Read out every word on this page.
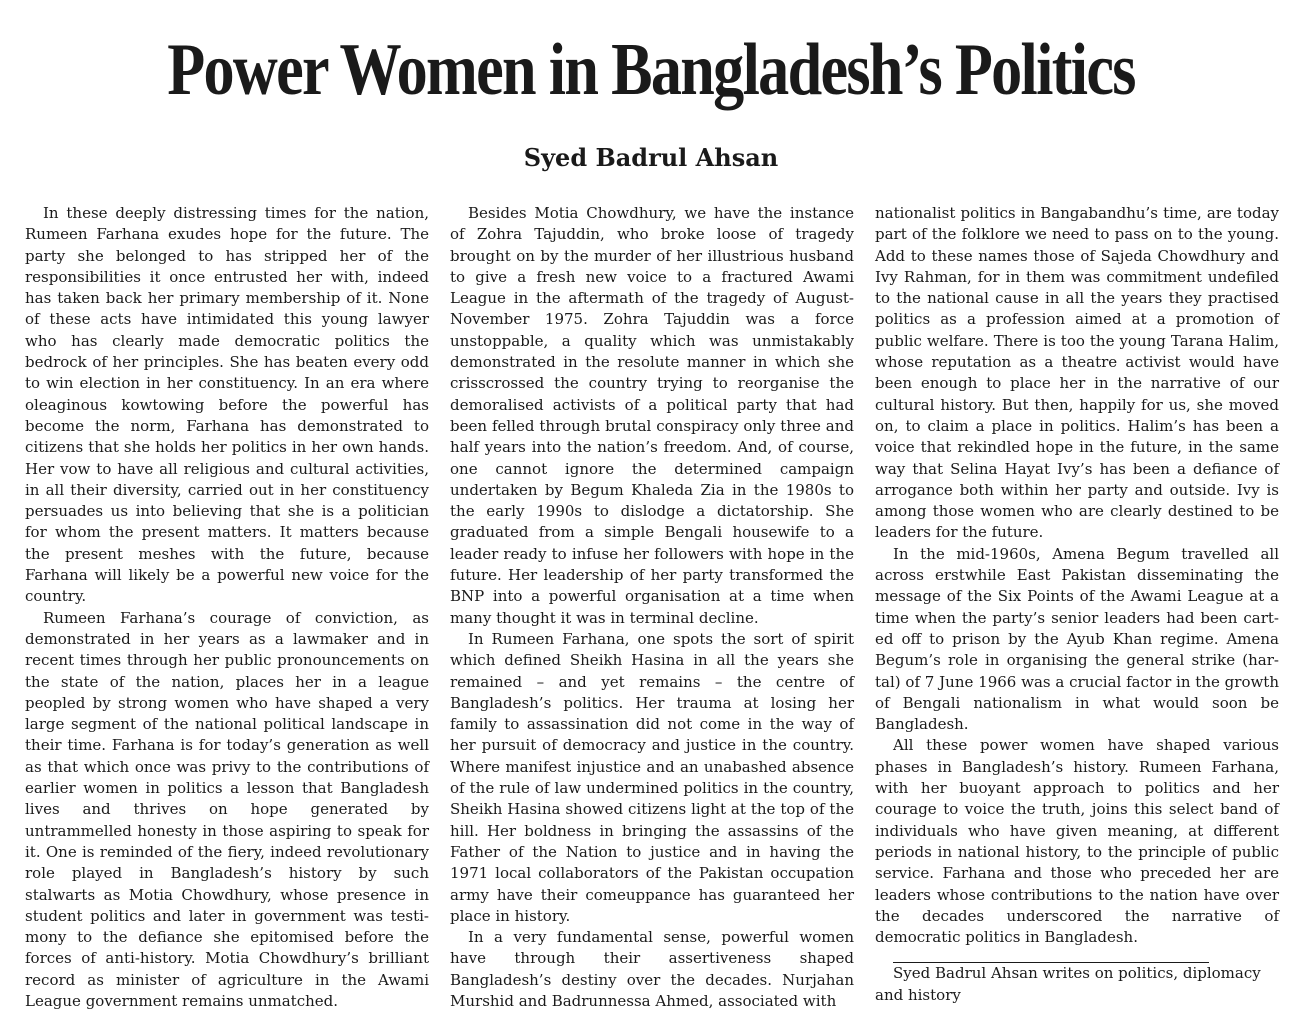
Power Women in Bangladesh’s Politics
Syed Badrul Ahsan

In these deeply distressing times for the nation, Rumeen Farhana exudes hope for the future. The party she belonged to has stripped her of the responsibilities it once entrusted her with, indeed has taken back her primary membership of it. None of these acts have intimidated this young lawyer who has clearly made democratic politics the bedrock of her principles. She has beaten every odd to win election in her constituency. In an era where oleaginous kowtowing before the powerful has become the norm, Farhana has demonstrated to citizens that she holds her politics in her own hands. Her vow to have all religious and cultural activities, in all their diversity, carried out in her constituency persuades us into believing that she is a politician for whom the present matters. It matters because the present meshes with the future, because Farhana will likely be a powerful new voice for the country.

Rumeen Farhana’s courage of conviction, as demonstrated in her years as a lawmaker and in recent times through her public pronouncements on the state of the nation, places her in a league peopled by strong women who have shaped a very large segment of the national political landscape in their time. Farhana is for today’s generation as well as that which once was privy to the contributions of earlier women in politics a lesson that Bangladesh lives and thrives on hope generated by untrammelled honesty in those aspiring to speak for it. One is reminded of the fiery, indeed revolutionary role played in Bangladesh’s history by such stalwarts as Motia Chowdhury, whose presence in student politics and later in government was testimony to the defiance she epitomised before the forces of anti-history. Motia Chowdhury’s brilliant record as minister of agriculture in the Awami League government remains unmatched.

Besides Motia Chowdhury, we have the instance of Zohra Tajuddin, who broke loose of tragedy brought on by the murder of her illustrious husband to give a fresh new voice to a fractured Awami League in the aftermath of the tragedy of August-November 1975. Zohra Tajuddin was a force unstoppable, a quality which was unmistakably demonstrated in the resolute manner in which she crisscrossed the country trying to reorganise the demoralised activists of a political party that had been felled through brutal conspiracy only three and half years into the nation’s freedom. And, of course, one cannot ignore the determined campaign undertaken by Begum Khaleda Zia in the 1980s to the early 1990s to dislodge a dictatorship. She graduated from a simple Bengali housewife to a leader ready to infuse her followers with hope in the future. Her leadership of her party transformed the BNP into a powerful organisation at a time when many thought it was in terminal decline.

In Rumeen Farhana, one spots the sort of spirit which defined Sheikh Hasina in all the years she remained – and yet remains – the centre of Bangladesh’s politics. Her trauma at losing her family to assassination did not come in the way of her pursuit of democracy and justice in the country. Where manifest injustice and an unabashed absence of the rule of law undermined politics in the country, Sheikh Hasina showed citizens light at the top of the hill. Her boldness in bringing the assassins of the Father of the Nation to justice and in having the 1971 local collaborators of the Pakistan occupation army have their comeuppance has guaranteed her place in history.

In a very fundamental sense, powerful women have through their assertiveness shaped Bangladesh’s destiny over the decades. Nurjahan Murshid and Badrunnessa Ahmed, associated with

nationalist politics in Bangabandhu’s time, are today part of the folklore we need to pass on to the young. Add to these names those of Sajeda Chowdhury and Ivy Rahman, for in them was commitment undefiled to the national cause in all the years they practised politics as a profession aimed at a promotion of public welfare. There is too the young Tarana Halim, whose reputation as a theatre activist would have been enough to place her in the narrative of our cultural history. But then, happily for us, she moved on, to claim a place in politics. Halim’s has been a voice that rekindled hope in the future, in the same way that Selina Hayat Ivy’s has been a defiance of arrogance both within her party and outside. Ivy is among those women who are clearly destined to be leaders for the future.

In the mid-1960s, Amena Begum travelled all across erstwhile East Pakistan disseminating the message of the Six Points of the Awami League at a time when the party’s senior leaders had been carted off to prison by the Ayub Khan regime. Amena Begum’s role in organising the general strike (hartal) of 7 June 1966 was a crucial factor in the growth of Bengali nationalism in what would soon be Bangladesh.

All these power women have shaped various phases in Bangladesh’s history. Rumeen Farhana, with her buoyant approach to politics and her courage to voice the truth, joins this select band of individuals who have given meaning, at different periods in national history, to the principle of public service. Farhana and those who preceded her are leaders whose contributions to the nation have over the decades underscored the narrative of democratic politics in Bangladesh.

Syed Badrul Ahsan writes on politics, diplomacy and history
